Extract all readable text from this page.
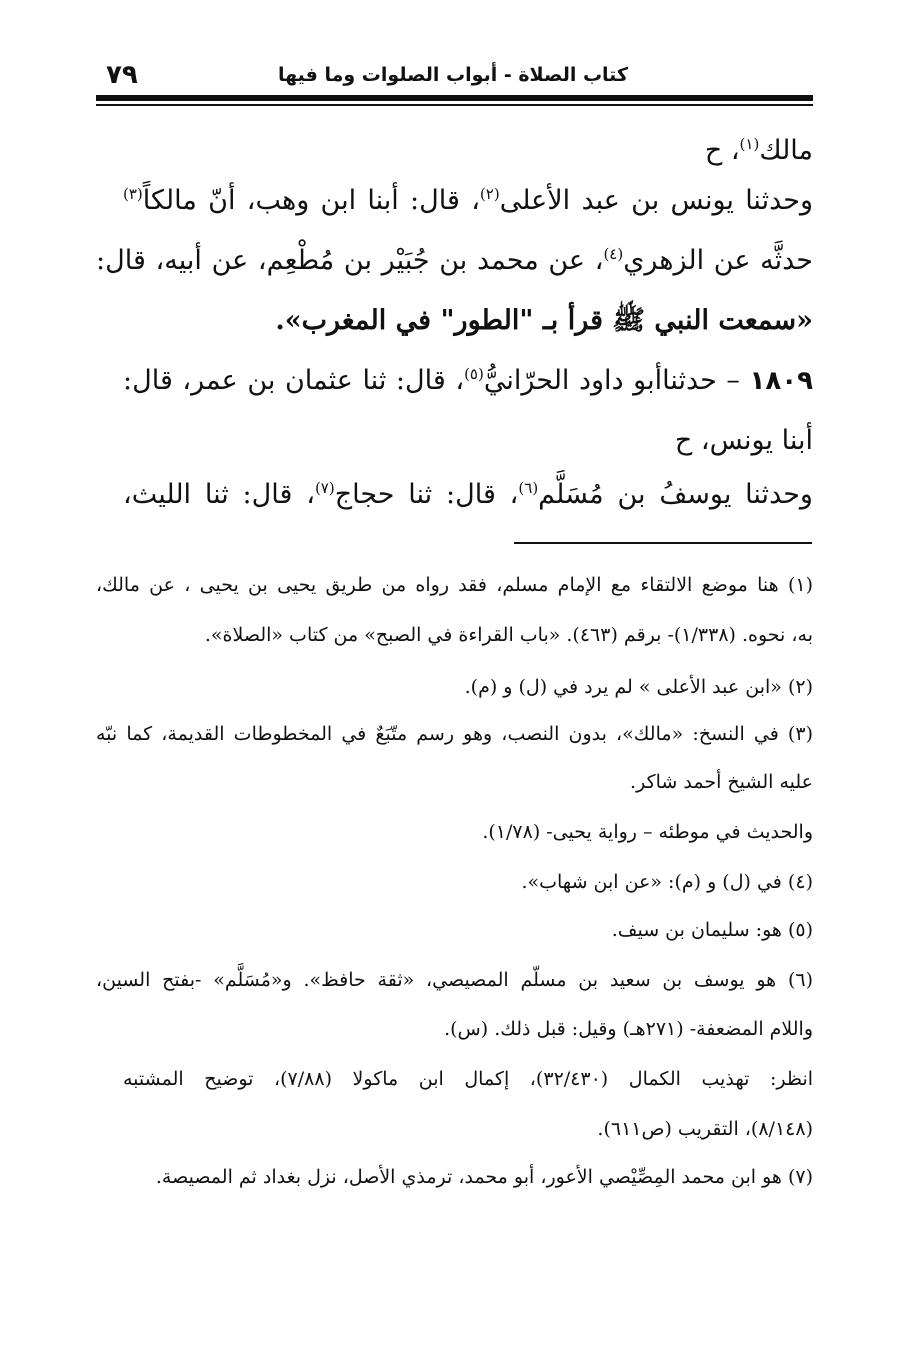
٧٩	كتاب الصلاة - أبواب الصلوات وما فيها
مالك$^{(١)}$، ح
وحدثنا يونس بن عبد الأعلى$^{(٢)}$، قال: أبنا ابن وهب، أنّ مالكاً$^{(٣)}$
حدثَّه عن الزهري$^{(٤)}$، عن محمد بن جُبَيْر بن مُطْعِم، عن أبيه، قال:
«سمعت النبي ﷺ قرأ بـ "الطور" في المغرب».
١٨٠٩ – حدثناأبو داود الحرّانيُّ$^{(٥)}$، قال: ثنا عثمان بن عمر، قال:
أبنا يونس، ح
وحدثنا يوسفُ بن مُسَلَّم$^{(٦)}$، قال: ثنا حجاج$^{(٧)}$، قال: ثنا الليث،
(١) هنا موضع الالتقاء مع الإمام مسلم، فقد رواه من طريق يحيى بن يحيى ، عن مالك،
به، نحوه. (١/٣٣٨)- برقم (٤٦٣). «باب القراءة في الصبح» من كتاب «الصلاة».
(٢) «ابن عبد الأعلى » لم يرد في (ل) و (م).
(٣) في النسخ: «مالك»، بدون النصب، وهو رسم متّبَعٌ في المخطوطات القديمة، كما نبّه
عليه الشيخ أحمد شاكر.
والحديث في موطئه – رواية يحيى- (١/٧٨).
(٤) في (ل) و (م): «عن ابن شهاب».
(٥) هو: سليمان بن سيف.
(٦) هو يوسف بن سعيد بن مسلّم المصيصي، «ثقة حافظ». و«مُسَلَّم» -بفتح السين،
واللام المضعفة- (٢٧١هـ) وقيل: قبل ذلك. (س).
انظر: تهذيب الكمال (٣٢/٤٣٠)، إكمال ابن ماكولا (٧/٨٨)، توضيح المشتبه
(٨/١٤٨)، التقريب (ص٦١١).
(٧) هو ابن محمد المِصِّيْصي الأعور، أبو محمد، ترمذي الأصل، نزل بغداد ثم المصيصة.
